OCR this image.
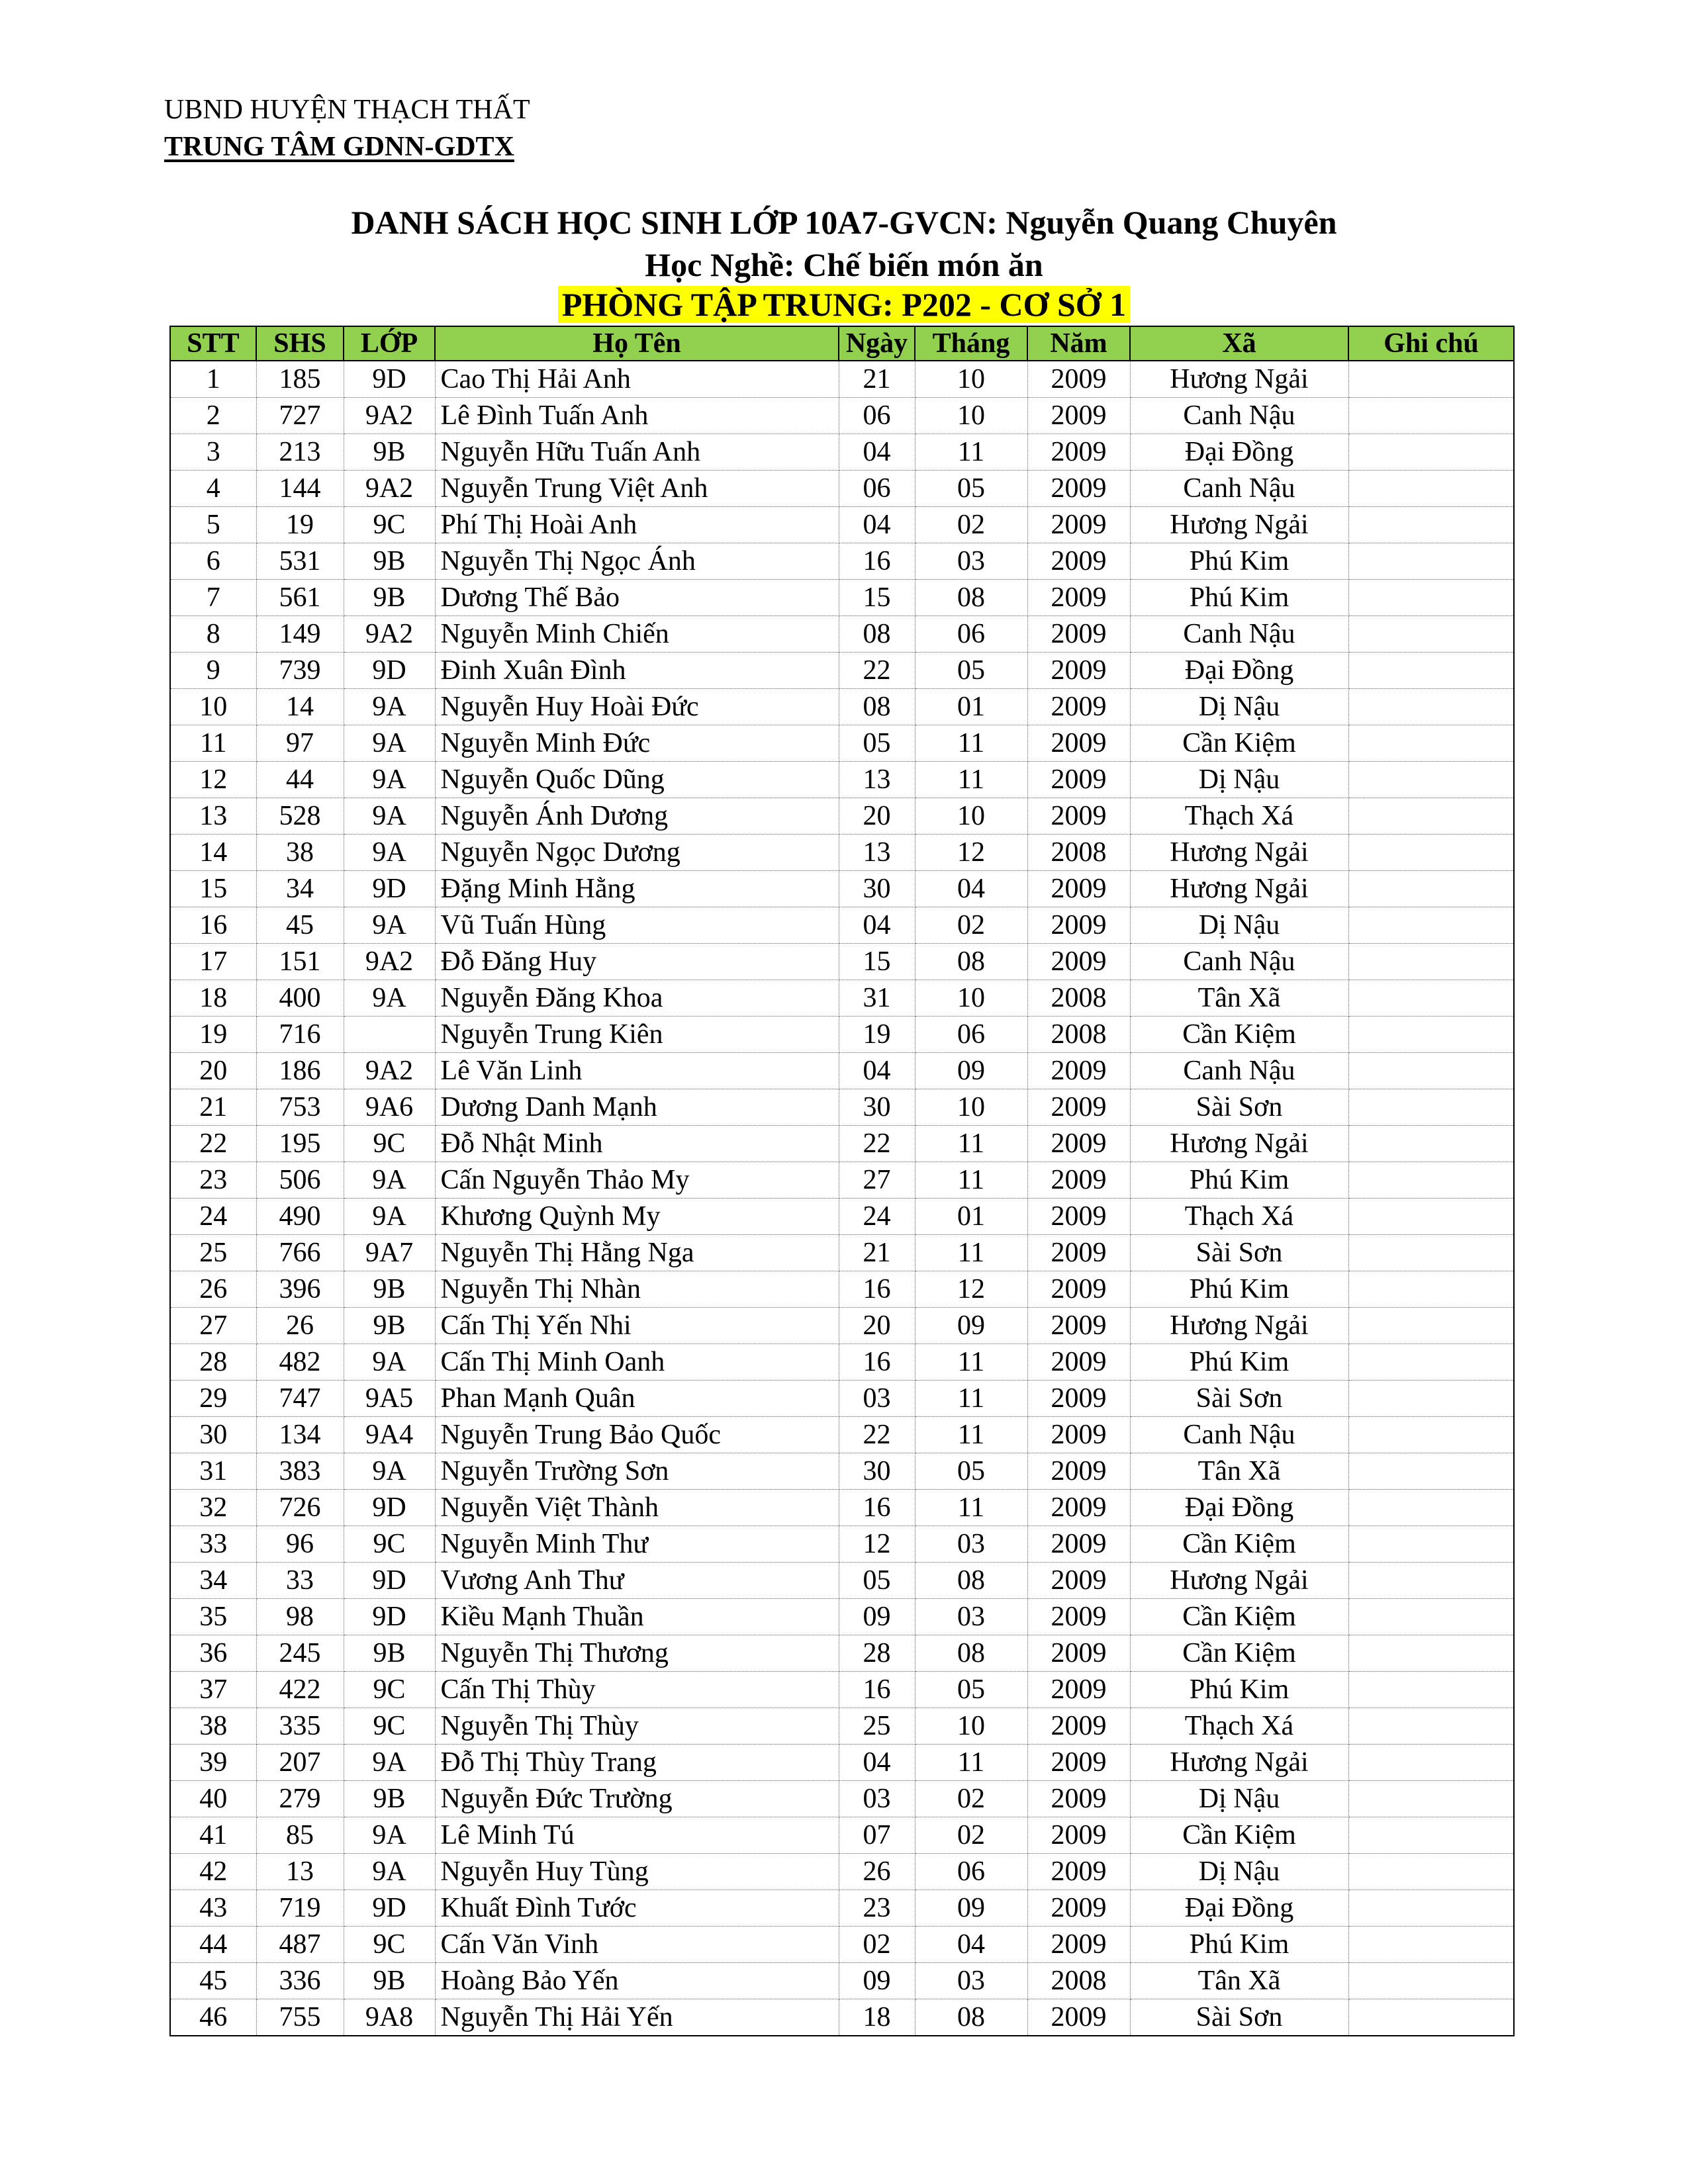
UBND HUYỆN THẠCH THẤT
TRUNG TÂM GDNN-GDTX
DANH SÁCH HỌC SINH LỚP 10A7-GVCN: Nguyễn Quang Chuyên
Học Nghề: Chế biến món ăn
PHÒNG TẬP TRUNG: P202 - CƠ SỞ 1
STT	SHS	LỚP	Họ Tên	Ngày	Tháng	Năm	Xã	Ghi chú
1	185	9D	Cao Thị Hải Anh	21	10	2009	Hương Ngải	
2	727	9A2	Lê Đình Tuấn Anh	06	10	2009	Canh Nậu	
3	213	9B	Nguyễn Hữu Tuấn Anh	04	11	2009	Đại Đồng	
4	144	9A2	Nguyễn Trung Việt Anh	06	05	2009	Canh Nậu	
5	19	9C	Phí Thị Hoài Anh	04	02	2009	Hương Ngải	
6	531	9B	Nguyễn Thị Ngọc Ánh	16	03	2009	Phú Kim	
7	561	9B	Dương Thế Bảo	15	08	2009	Phú Kim	
8	149	9A2	Nguyễn Minh Chiến	08	06	2009	Canh Nậu	
9	739	9D	Đinh Xuân Đình	22	05	2009	Đại Đồng	
10	14	9A	Nguyễn Huy Hoài Đức	08	01	2009	Dị Nậu	
11	97	9A	Nguyễn Minh Đức	05	11	2009	Cần Kiệm	
12	44	9A	Nguyễn Quốc Dũng	13	11	2009	Dị Nậu	
13	528	9A	Nguyễn Ánh Dương	20	10	2009	Thạch Xá	
14	38	9A	Nguyễn Ngọc Dương	13	12	2008	Hương Ngải	
15	34	9D	Đặng Minh Hằng	30	04	2009	Hương Ngải	
16	45	9A	Vũ Tuấn Hùng	04	02	2009	Dị Nậu	
17	151	9A2	Đỗ Đăng Huy	15	08	2009	Canh Nậu	
18	400	9A	Nguyễn Đăng Khoa	31	10	2008	Tân Xã	
19	716		Nguyễn Trung Kiên	19	06	2008	Cần Kiệm	
20	186	9A2	Lê Văn Linh	04	09	2009	Canh Nậu	
21	753	9A6	Dương Danh Mạnh	30	10	2009	Sài Sơn	
22	195	9C	Đỗ Nhật Minh	22	11	2009	Hương Ngải	
23	506	9A	Cấn Nguyễn Thảo My	27	11	2009	Phú Kim	
24	490	9A	Khương Quỳnh My	24	01	2009	Thạch Xá	
25	766	9A7	Nguyễn Thị Hằng Nga	21	11	2009	Sài Sơn	
26	396	9B	Nguyễn Thị Nhàn	16	12	2009	Phú Kim	
27	26	9B	Cấn Thị Yến Nhi	20	09	2009	Hương Ngải	
28	482	9A	Cấn Thị Minh Oanh	16	11	2009	Phú Kim	
29	747	9A5	Phan Mạnh Quân	03	11	2009	Sài Sơn	
30	134	9A4	Nguyễn Trung Bảo Quốc	22	11	2009	Canh Nậu	
31	383	9A	Nguyễn Trường Sơn	30	05	2009	Tân Xã	
32	726	9D	Nguyễn Việt Thành	16	11	2009	Đại Đồng	
33	96	9C	Nguyễn Minh Thư	12	03	2009	Cần Kiệm	
34	33	9D	Vương Anh Thư	05	08	2009	Hương Ngải	
35	98	9D	Kiều Mạnh Thuần	09	03	2009	Cần Kiệm	
36	245	9B	Nguyễn Thị Thương	28	08	2009	Cần Kiệm	
37	422	9C	Cấn Thị Thùy	16	05	2009	Phú Kim	
38	335	9C	Nguyễn Thị Thùy	25	10	2009	Thạch Xá	
39	207	9A	Đỗ Thị Thùy Trang	04	11	2009	Hương Ngải	
40	279	9B	Nguyễn Đức Trường	03	02	2009	Dị Nậu	
41	85	9A	Lê Minh Tú	07	02	2009	Cần Kiệm	
42	13	9A	Nguyễn Huy Tùng	26	06	2009	Dị Nậu	
43	719	9D	Khuất Đình Tước	23	09	2009	Đại Đồng	
44	487	9C	Cấn Văn Vinh	02	04	2009	Phú Kim	
45	336	9B	Hoàng Bảo Yến	09	03	2008	Tân Xã	
46	755	9A8	Nguyễn Thị Hải Yến	18	08	2009	Sài Sơn	
